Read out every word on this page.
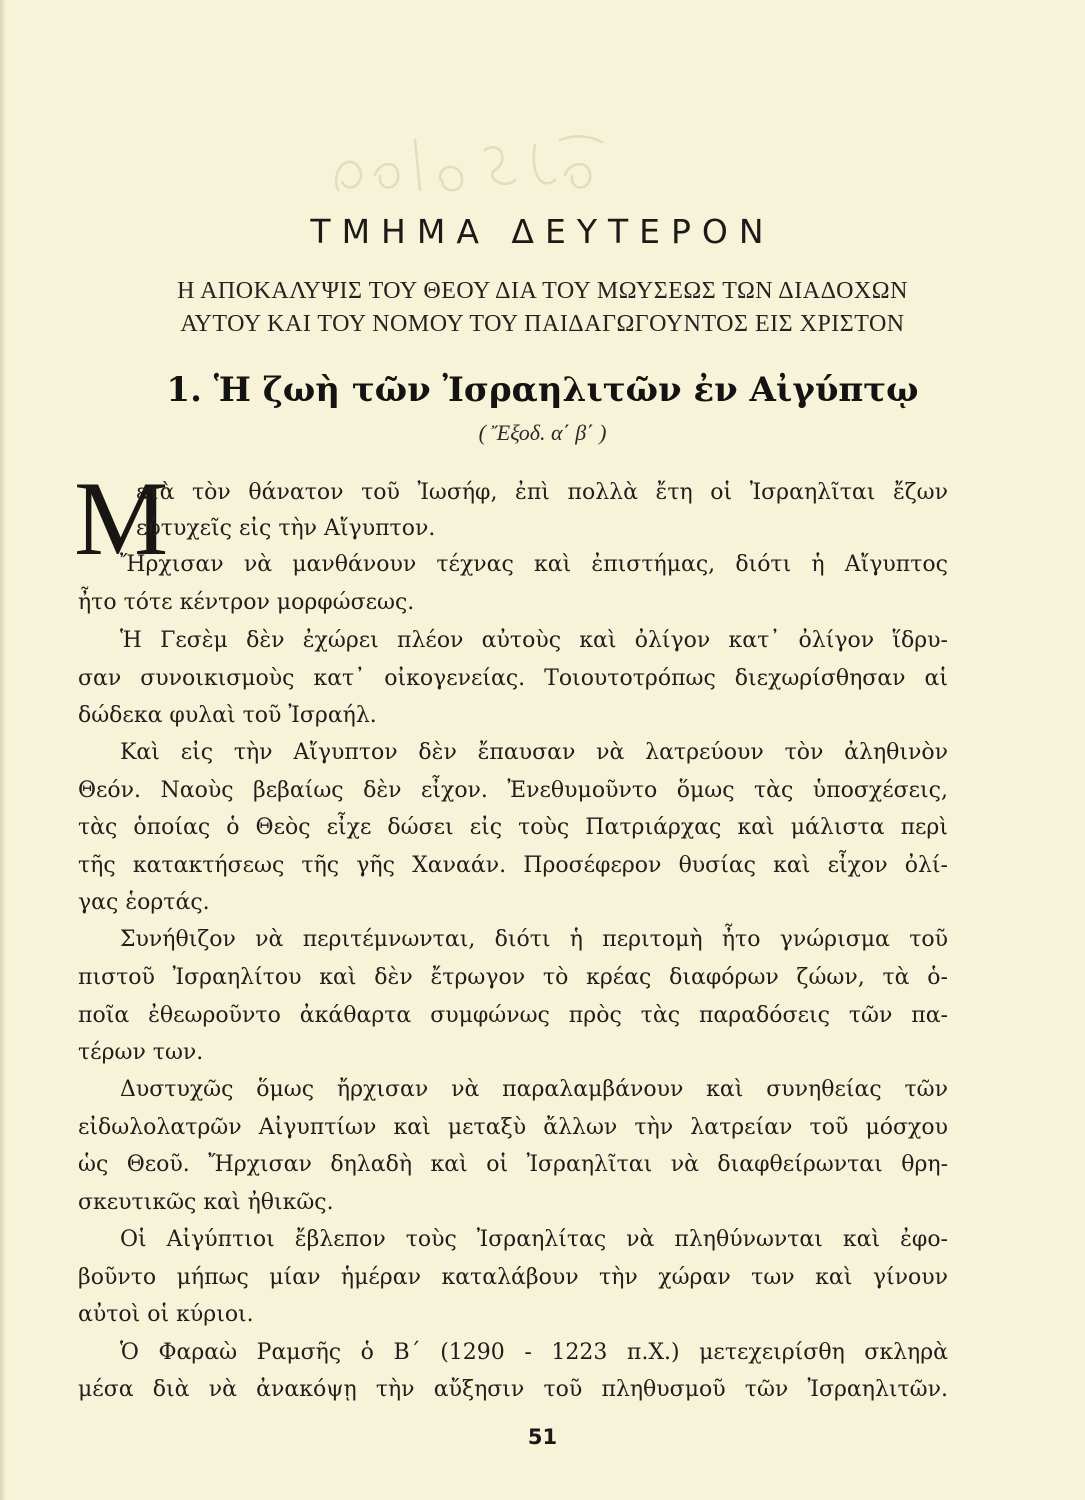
ΤΜΗΜΑ ΔΕΥΤΕΡΟΝ
Η ΑΠΟΚΑΛΥΨΙΣ ΤΟΥ ΘΕΟΥ ΔΙΑ ΤΟΥ ΜΩΥΣΕΩΣ ΤΩΝ ΔΙΑΔΟΧΩΝ
ΑΥΤΟΥ ΚΑΙ ΤΟΥ ΝΟΜΟΥ ΤΟΥ ΠΑΙΔΑΓΩΓΟΥΝΤΟΣ ΕΙΣ ΧΡΙΣΤΟΝ
1. Ἡ ζωὴ τῶν Ἰσραηλιτῶν ἐν Αἰγύπτῳ
( Ἔξοδ. α΄ β΄ )
Μ
ετὰ τὸν θάνατον τοῦ Ἰωσήφ, ἐπὶ πολλὰ ἔτη οἱ Ἰσραηλῖται ἔζων
εὐτυχεῖς εἰς τὴν Αἴγυπτον.
Ἤρχισαν νὰ μανθάνουν τέχνας καὶ ἐπιστήμας, διότι ἡ Αἴγυπτος
ἦτο τότε κέντρον μορφώσεως.
Ἡ Γεσὲμ δὲν ἐχώρει πλέον αὐτοὺς καὶ ὀλίγον κατ᾽ ὀλίγον ἵδρυ-
σαν συνοικισμοὺς κατ᾽ οἰκογενείας. Τοιουτοτρόπως διεχωρίσθησαν αἱ
δώδεκα φυλαὶ τοῦ Ἰσραήλ.
Καὶ εἰς τὴν Αἴγυπτον δὲν ἔπαυσαν νὰ λατρεύουν τὸν ἀληθινὸν
Θεόν. Ναοὺς βεβαίως δὲν εἶχον. Ἐνεθυμοῦντο ὅμως τὰς ὑποσχέσεις,
τὰς ὁποίας ὁ Θεὸς εἶχε δώσει εἰς τοὺς Πατριάρχας καὶ μάλιστα περὶ
τῆς κατακτήσεως τῆς γῆς Χαναάν. Προσέφερον θυσίας καὶ εἶχον ὀλί-
γας ἑορτάς.
Συνήθιζον νὰ περιτέμνωνται, διότι ἡ περιτομὴ ἦτο γνώρισμα τοῦ
πιστοῦ Ἰσραηλίτου καὶ δὲν ἔτρωγον τὸ κρέας διαφόρων ζώων, τὰ ὁ-
ποῖα ἐθεωροῦντο ἀκάθαρτα συμφώνως πρὸς τὰς παραδόσεις τῶν πα-
τέρων των.
Δυστυχῶς ὅμως ἤρχισαν νὰ παραλαμβάνουν καὶ συνηθείας τῶν
εἰδωλολατρῶν Αἰγυπτίων καὶ μεταξὺ ἄλλων τὴν λατρείαν τοῦ μόσχου
ὡς Θεοῦ. Ἤρχισαν δηλαδὴ καὶ οἱ Ἰσραηλῖται νὰ διαφθείρωνται θρη-
σκευτικῶς καὶ ἠθικῶς.
Οἱ Αἰγύπτιοι ἔβλεπον τοὺς Ἰσραηλίτας νὰ πληθύνωνται καὶ ἐφο-
βοῦντο μήπως μίαν ἡμέραν καταλάβουν τὴν χώραν των καὶ γίνουν
αὐτοὶ οἱ κύριοι.
Ὁ Φαραὼ Ραμσῆς ὁ Β΄ (1290 - 1223 π.Χ.) μετεχειρίσθη σκληρὰ
μέσα διὰ νὰ ἀνακόψῃ τὴν αὔξησιν τοῦ πληθυσμοῦ τῶν Ἰσραηλιτῶν.
51
